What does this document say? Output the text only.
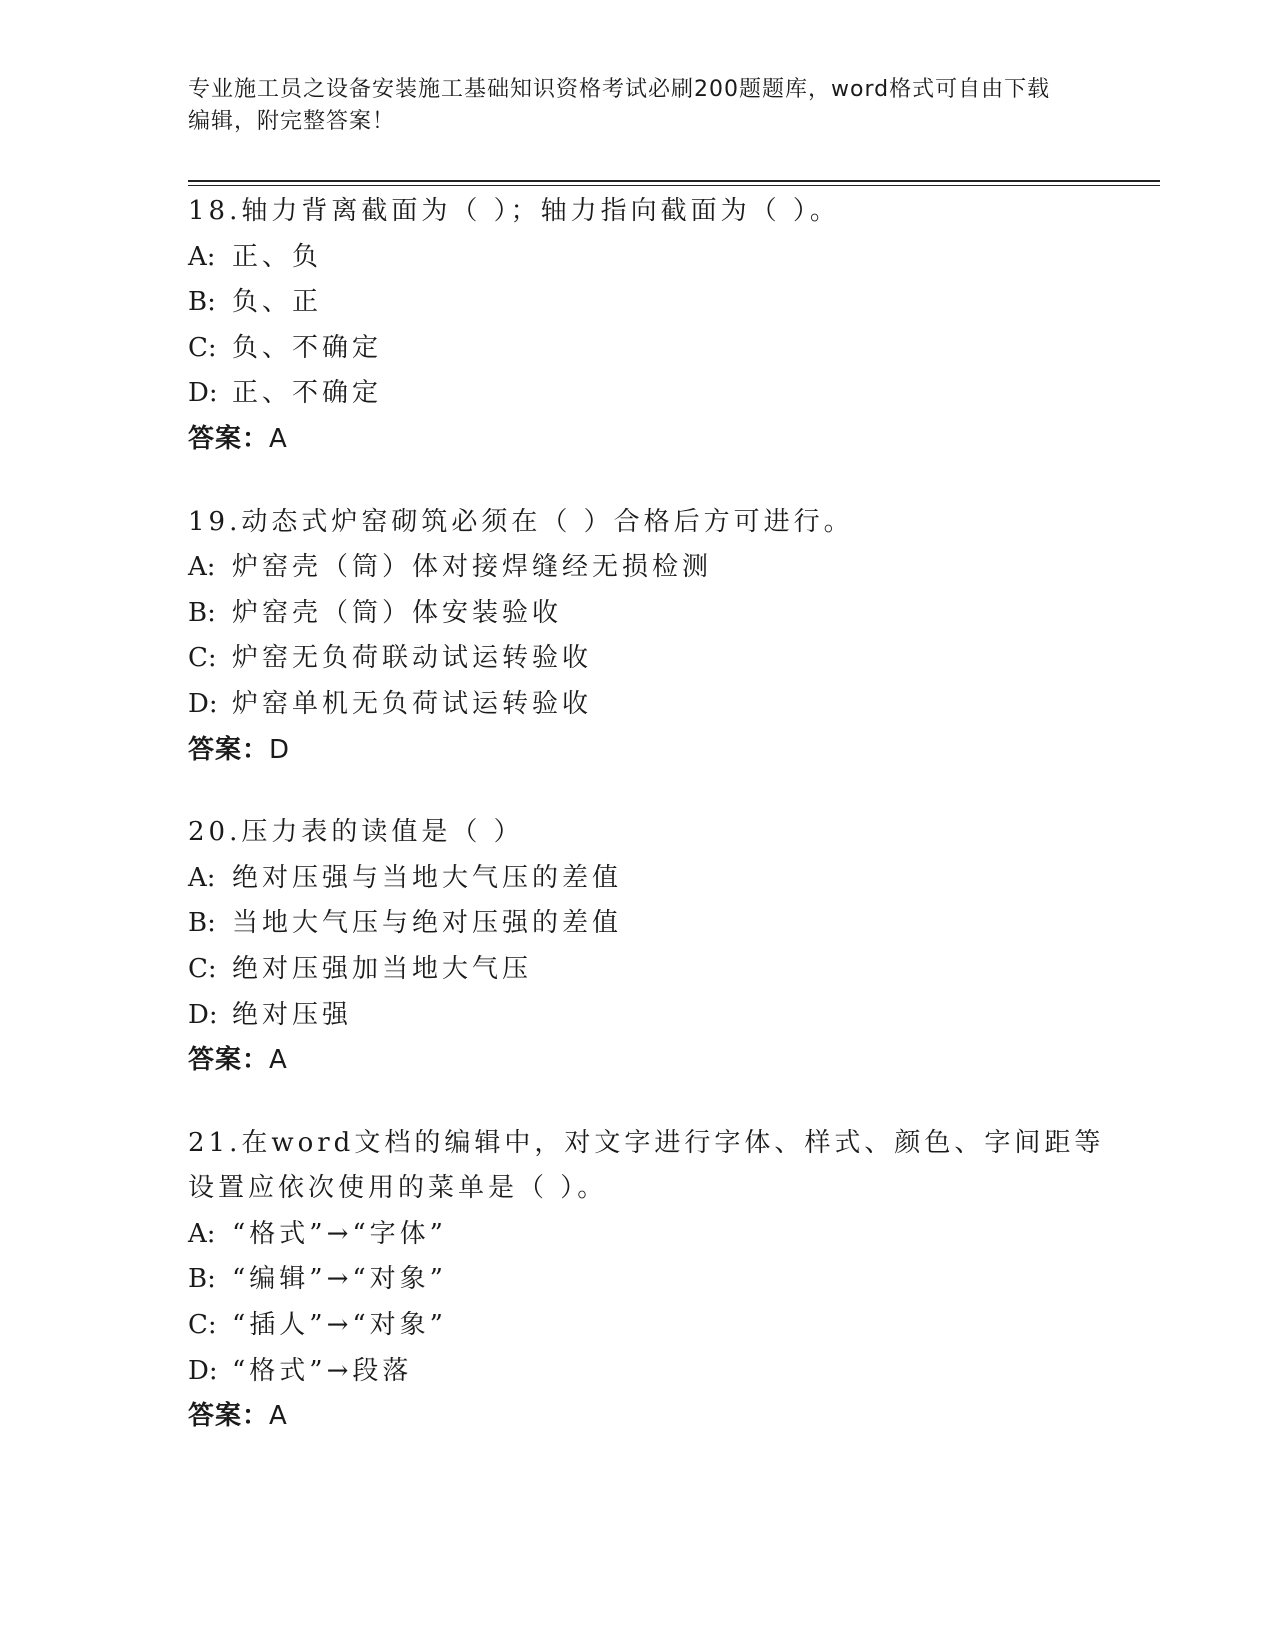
专业施工员之设备安装施工基础知识资格考试必刷200题题库，word格式可自由下载编辑，附完整答案！
18.轴力背离截面为（ ）；轴力指向截面为（ ）。
A: 正、负
B: 负、正
C: 负、不确定
D: 正、不确定
答案：A
19.动态式炉窑砌筑必须在（ ）合格后方可进行。
A: 炉窑壳（筒）体对接焊缝经无损检测
B: 炉窑壳（筒）体安装验收
C: 炉窑无负荷联动试运转验收
D: 炉窑单机无负荷试运转验收
答案：D
20.压力表的读值是（ ）
A: 绝对压强与当地大气压的差值
B: 当地大气压与绝对压强的差值
C: 绝对压强加当地大气压
D: 绝对压强
答案：A
21.在word文档的编辑中，对文字进行字体、样式、颜色、字间距等
设置应依次使用的菜单是（ ）。
A: “格式”→“字体”
B: “编辑”→“对象”
C: “插人”→“对象”
D: “格式”→段落
答案：A
